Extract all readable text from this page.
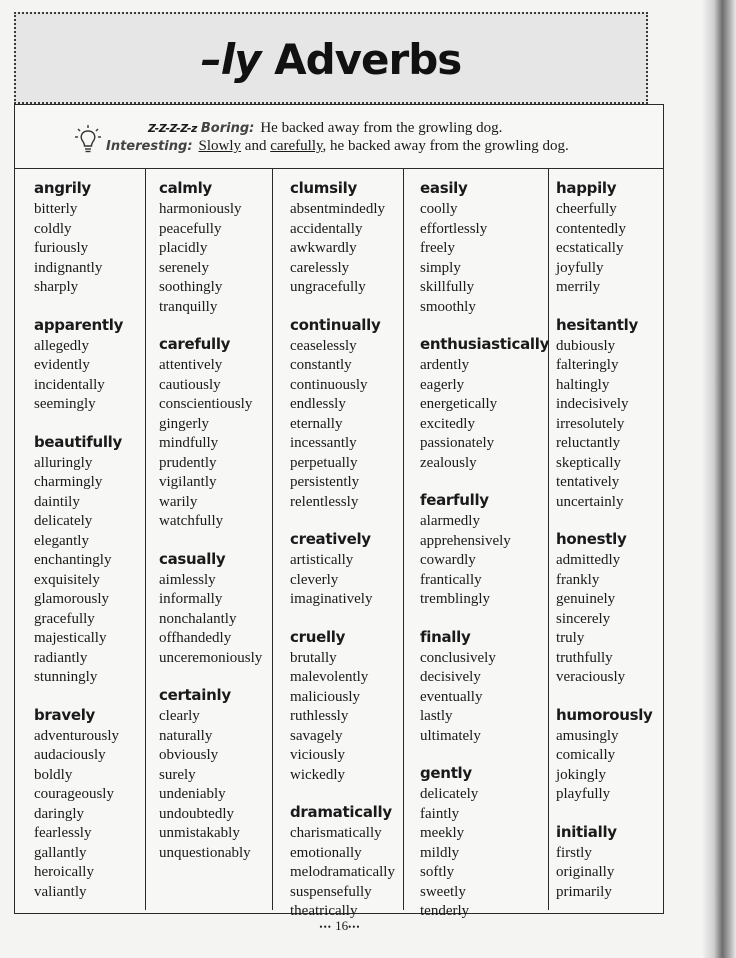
–ly Adverbs
Z-Z-Z-Z-z Boring: He backed away from the growling dog.
Interesting: Slowly and carefully, he backed away from the growling dog.
angrily
bitterly
coldly
furiously
indignantly
sharply
apparently
allegedly
evidently
incidentally
seemingly
beautifully
alluringly
charmingly
daintily
delicately
elegantly
enchantingly
exquisitely
glamorously
gracefully
majestically
radiantly
stunningly
bravely
adventurously
audaciously
boldly
courageously
daringly
fearlessly
gallantly
heroically
valiantly
calmly
harmoniously
peacefully
placidly
serenely
soothingly
tranquilly
carefully
attentively
cautiously
conscientiously
gingerly
mindfully
prudently
vigilantly
warily
watchfully
casually
aimlessly
informally
nonchalantly
offhandedly
unceremoniously
certainly
clearly
naturally
obviously
surely
undeniably
undoubtedly
unmistakably
unquestionably
clumsily
absentmindedly
accidentally
awkwardly
carelessly
ungracefully
continually
ceaselessly
constantly
continuously
endlessly
eternally
incessantly
perpetually
persistently
relentlessly
creatively
artistically
cleverly
imaginatively
cruelly
brutally
malevolently
maliciously
ruthlessly
savagely
viciously
wickedly
dramatically
charismatically
emotionally
melodramatically
suspensefully
theatrically
easily
coolly
effortlessly
freely
simply
skillfully
smoothly
enthusiastically
ardently
eagerly
energetically
excitedly
passionately
zealously
fearfully
alarmedly
apprehensively
cowardly
frantically
tremblingly
finally
conclusively
decisively
eventually
lastly
ultimately
gently
delicately
faintly
meekly
mildly
softly
sweetly
tenderly
happily
cheerfully
contentedly
ecstatically
joyfully
merrily
hesitantly
dubiously
falteringly
haltingly
indecisively
irresolutely
reluctantly
skeptically
tentatively
uncertainly
honestly
admittedly
frankly
genuinely
sincerely
truly
truthfully
veraciously
humorously
amusingly
comically
jokingly
playfully
initially
firstly
originally
primarily
••• 16•••
